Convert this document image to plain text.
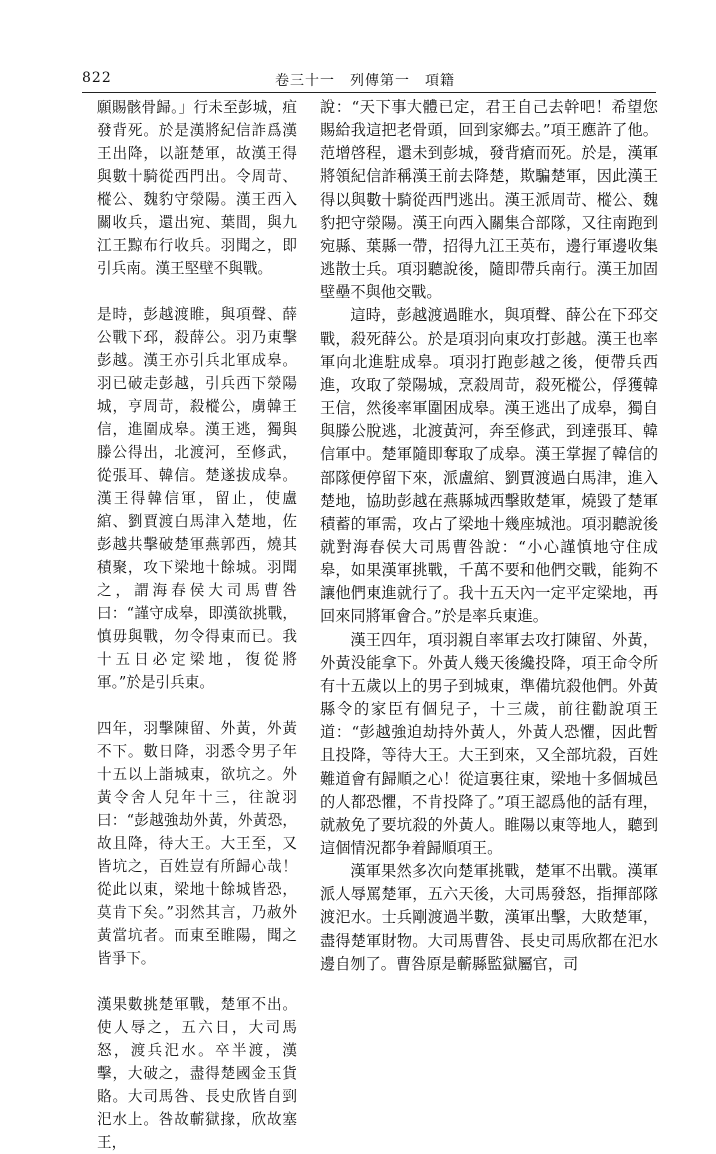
822	卷三十一　列傳第一　項籍

願賜骸骨歸。」行未至彭城，疽發背死。於是漢將紀信詐爲漢王出降，以誑楚軍，故漢王得與數十騎從西門出。令周苛、樅公、魏豹守滎陽。漢王西入關收兵，還出宛、葉間，與九江王黥布行收兵。羽聞之，即引兵南。漢王堅壁不與戰。

是時，彭越渡睢，與項聲、薛公戰下邳，殺薛公。羽乃東擊彭越。漢王亦引兵北軍成皋。羽已破走彭越，引兵西下滎陽城，亨周苛，殺樅公，虜韓王信，進圍成皋。漢王逃，獨與滕公得出，北渡河，至修武，從張耳、韓信。楚遂拔成皋。漢王得韓信軍，留止，使盧綰、劉賈渡白馬津入楚地，佐彭越共擊破楚軍燕郭西，燒其積聚，攻下梁地十餘城。羽聞之，謂海春侯大司馬曹咎曰：“謹守成皋，即漢欲挑戰，慎毋與戰，勿令得東而已。我十五日必定梁地，復從將軍。”於是引兵東。

四年，羽擊陳留、外黃，外黃不下。數日降，羽悉令男子年十五以上詣城東，欲坑之。外黃令舍人兒年十三，往說羽曰：“彭越強劫外黃，外黃恐，故且降，待大王。大王至，又皆坑之，百姓豈有所歸心哉！從此以東，梁地十餘城皆恐，莫肯下矣。”羽然其言，乃赦外黃當坑者。而東至睢陽，聞之皆爭下。

漢果數挑楚軍戰，楚軍不出。使人辱之，五六日，大司馬怒，渡兵汜水。卒半渡，漢擊，大破之，盡得楚國金玉貨賂。大司馬咎、長史欣皆自剄汜水上。咎故蘄獄掾，欣故塞王，

說：“天下事大體已定，君王自己去幹吧！希望您賜給我這把老骨頭，回到家鄉去。”項王應許了他。范增啓程，還未到彭城，發背瘡而死。於是，漢軍將領紀信詐稱漢王前去降楚，欺騙楚軍，因此漢王得以與數十騎從西門逃出。漢王派周苛、樅公、魏豹把守滎陽。漢王向西入關集合部隊，又往南跑到宛縣、葉縣一帶，招得九江王英布，邊行軍邊收集逃散士兵。項羽聽說後，隨即帶兵南行。漢王加固壁壘不與他交戰。

這時，彭越渡過睢水，與項聲、薛公在下邳交戰，殺死薛公。於是項羽向東攻打彭越。漢王也率軍向北進駐成皋。項羽打跑彭越之後，便帶兵西進，攻取了滎陽城，烹殺周苛，殺死樅公，俘獲韓王信，然後率軍圍困成皋。漢王逃出了成皋，獨自與滕公脫逃，北渡黃河，奔至修武，到達張耳、韓信軍中。楚軍隨即奪取了成皋。漢王掌握了韓信的部隊便停留下來，派盧綰、劉賈渡過白馬津，進入楚地，協助彭越在燕縣城西擊敗楚軍，燒毀了楚軍積蓄的軍需，攻占了梁地十幾座城池。項羽聽說後就對海春侯大司馬曹咎說：“小心謹慎地守住成皋，如果漢軍挑戰，千萬不要和他們交戰，能夠不讓他們東進就行了。我十五天內一定平定梁地，再回來同將軍會合。”於是率兵東進。

漢王四年，項羽親自率軍去攻打陳留、外黃，外黃没能拿下。外黃人幾天後纔投降，項王命令所有十五歲以上的男子到城東，準備坑殺他們。外黃縣令的家臣有個兒子，十三歲，前往勸說項王道：“彭越強迫劫持外黃人，外黃人恐懼，因此暫且投降，等待大王。大王到來，又全部坑殺，百姓難道會有歸順之心！從這裏往東，梁地十多個城邑的人都恐懼，不肯投降了。”項王認爲他的話有理，就赦免了要坑殺的外黃人。睢陽以東等地人，聽到這個情況都争着歸順項王。

漢軍果然多次向楚軍挑戰，楚軍不出戰。漢軍派人辱罵楚軍，五六天後，大司馬發怒，指揮部隊渡汜水。士兵剛渡過半數，漢軍出擊，大敗楚軍，盡得楚軍財物。大司馬曹咎、長史司馬欣都在汜水邊自刎了。曹咎原是蘄縣監獄屬官，司
